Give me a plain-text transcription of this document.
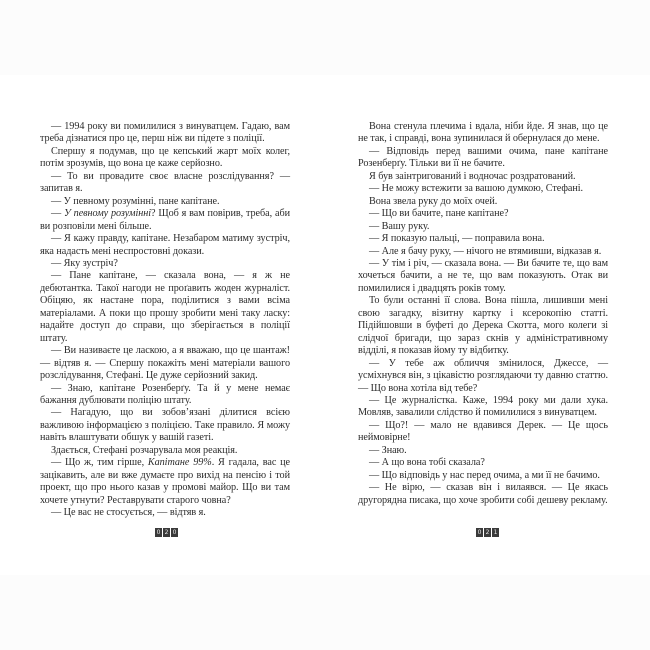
— 1994 року ви помилилися з винуватцем. Гадаю, вам треба дізнатися про це, перш ніж ви підете з поліції.

Спершу я подумав, що це кепський жарт моїх колег, потім зрозумів, що вона це каже серйозно.

— То ви провадите своє власне розслідування? — запитав я.

— У певному розумінні, пане капітане.

— У певному розумінні? Щоб я вам повірив, треба, аби ви розповіли мені більше.

— Я кажу правду, капітане. Незабаром матиму зустріч, яка надасть мені неспростовні докази.

— Яку зустріч?

— Пане капітане, — сказала вона, — я ж не дебютантка. Такої нагоди не проґавить жоден журналіст. Обіцяю, як настане пора, поділитися з вами всіма матеріалами. А поки що прошу зробити мені таку ласку: надайте доступ до справи, що зберігається в поліції штату.

— Ви називаєте це ласкою, а я вважаю, що це шантаж! — відтяв я. — Спершу покажіть мені матеріали вашого розслідування, Стефані. Це дуже серйозний закид.

— Знаю, капітане Розенберґу. Та й у мене немає бажання дублювати поліцію штату.

— Нагадую, що ви зобов’язані ділитися всією важливою інформацією з поліцією. Таке правило. Я можу навіть влаштувати обшук у вашій газеті.

Здається, Стефані розчарувала моя реакція.

— Що ж, тим гірше, Капітане 99%. Я гадала, вас це зацікавить, але ви вже думаєте про вихід на пенсію і той проект, що про нього казав у промові майор. Що ви там хочете утнути? Реставрувати старого човна?

— Це вас не стосується, — відтяв я.

0 2 0

Вона стенула плечима і вдала, ніби йде. Я знав, що це не так, і справді, вона зупинилася й обернулася до мене.

— Відповідь перед вашими очима, пане капітане Розенберґу. Тільки ви її не бачите.

Я був заінтригований і водночас роздратований.

— Не можу встежити за вашою думкою, Стефані.

Вона звела руку до моїх очей.

— Що ви бачите, пане капітане?

— Вашу руку.

— Я показую пальці, — поправила вона.

— Але я бачу руку, — нічого не втямивши, відказав я.

— У тім і річ, — сказала вона. — Ви бачите те, що вам хочеться бачити, а не те, що вам показують. Отак ви помилилися і двадцять років тому.

То були останні її слова. Вона пішла, лишивши мені свою загадку, візитну картку і ксерокопію статті. Підійшовши в буфеті до Дерека Скотта, мого колеги зі слідчої бригади, що зараз скнів у адміністративному відділі, я показав йому ту відбитку.

— У тебе аж обличчя змінилося, Джессе, — усміхнувся він, з цікавістю розглядаючи ту давню статтю. — Що вона хотіла від тебе?

— Це журналістка. Каже, 1994 року ми дали хука. Мовляв, завалили слідство й помилилися з винуватцем.

— Що?! — мало не вдавився Дерек. — Це щось неймовірне!

— Знаю.

— А що вона тобі сказала?

— Що відповідь у нас перед очима, а ми її не бачимо.

— Не вірю, — сказав він і вилаявся. — Це якась другорядна писака, що хоче зробити собі дешеву рекламу.

0 2 1
